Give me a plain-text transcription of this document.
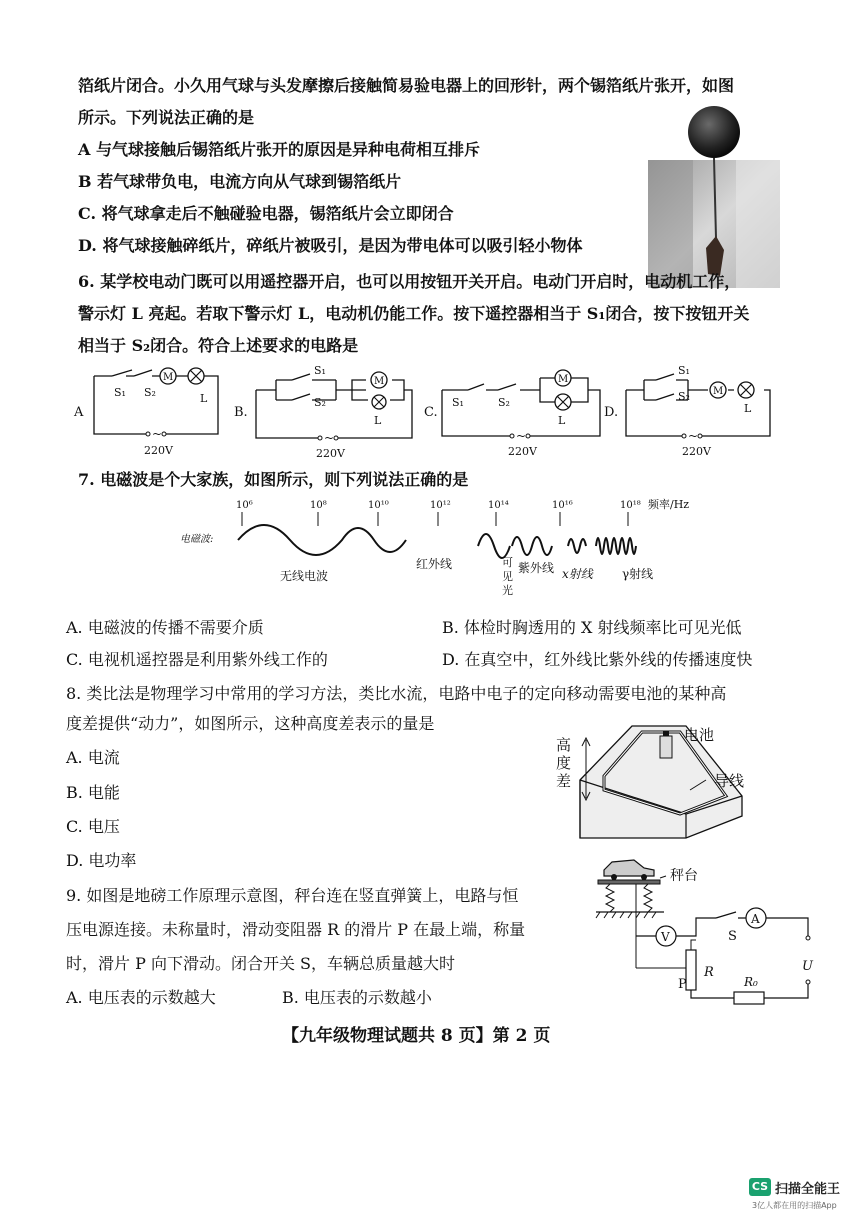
箔纸片闭合。小久用气球与头发摩擦后接触简易验电器上的回形针，两个锡箔纸片张开，如图
所示。下列说法正确的是
A 与气球接触后锡箔纸片张开的原因是异种电荷相互排斥
B 若气球带负电，电流方向从气球到锡箔纸片
C. 将气球拿走后不触碰验电器，锡箔纸片会立即闭合
D. 将气球接触碎纸片，碎纸片被吸引，是因为带电体可以吸引轻小物体
6. 某学校电动门既可以用遥控器开启，也可以用按钮开关开启。电动门开启时，电动机工作，
警示灯 L 亮起。若取下警示灯 L，电动机仍能工作。按下遥控器相当于 S₁闭合，按下按钮开关
相当于 S₂闭合。符合上述要求的电路是
A
S₁ S₂
M
L
~
220V
B.
S₁
S₂
M
L
~
220V
C.
S₁	S₂
M
L
~
220V
D.
S₁
S₂ M
L
~
220V
7. 电磁波是个大家族，如图所示，则下列说法正确的是
电磁波:
10⁶	10⁸	10¹⁰	10¹²	10¹⁴	10¹⁶	10¹⁸ 频率/Hz
无线电波
红外线	可
见
光
紫外线 x射线 γ射线
A. 电磁波的传播不需要介质	B. 体检时胸透用的 X 射线频率比可见光低
C. 电视机遥控器是利用紫外线工作的	D. 在真空中，红外线比紫外线的传播速度快
8. 类比法是物理学习中常用的学习方法，类比水流，电路中电子的定向移动需要电池的某种高
度差提供“动力”，如图所示，这种高度差表示的量是
A. 电流
B. 电能
C. 电压
D. 电功率
高
度
差
电池
导线
9. 如图是地磅工作原理示意图，秤台连在竖直弹簧上，电路与恒
压电源连接。未称量时，滑动变阻器 R 的滑片 P 在最上端，称量
时，滑片 P 向下滑动。闭合开关 S，车辆总质量越大时
A. 电压表的示数越大	B. 电压表的示数越小
秤台
V	S
A
U
R
P	R₀
【九年级物理试题共 8 页】第 2 页
CS 扫描全能王
3亿人都在用的扫描App
